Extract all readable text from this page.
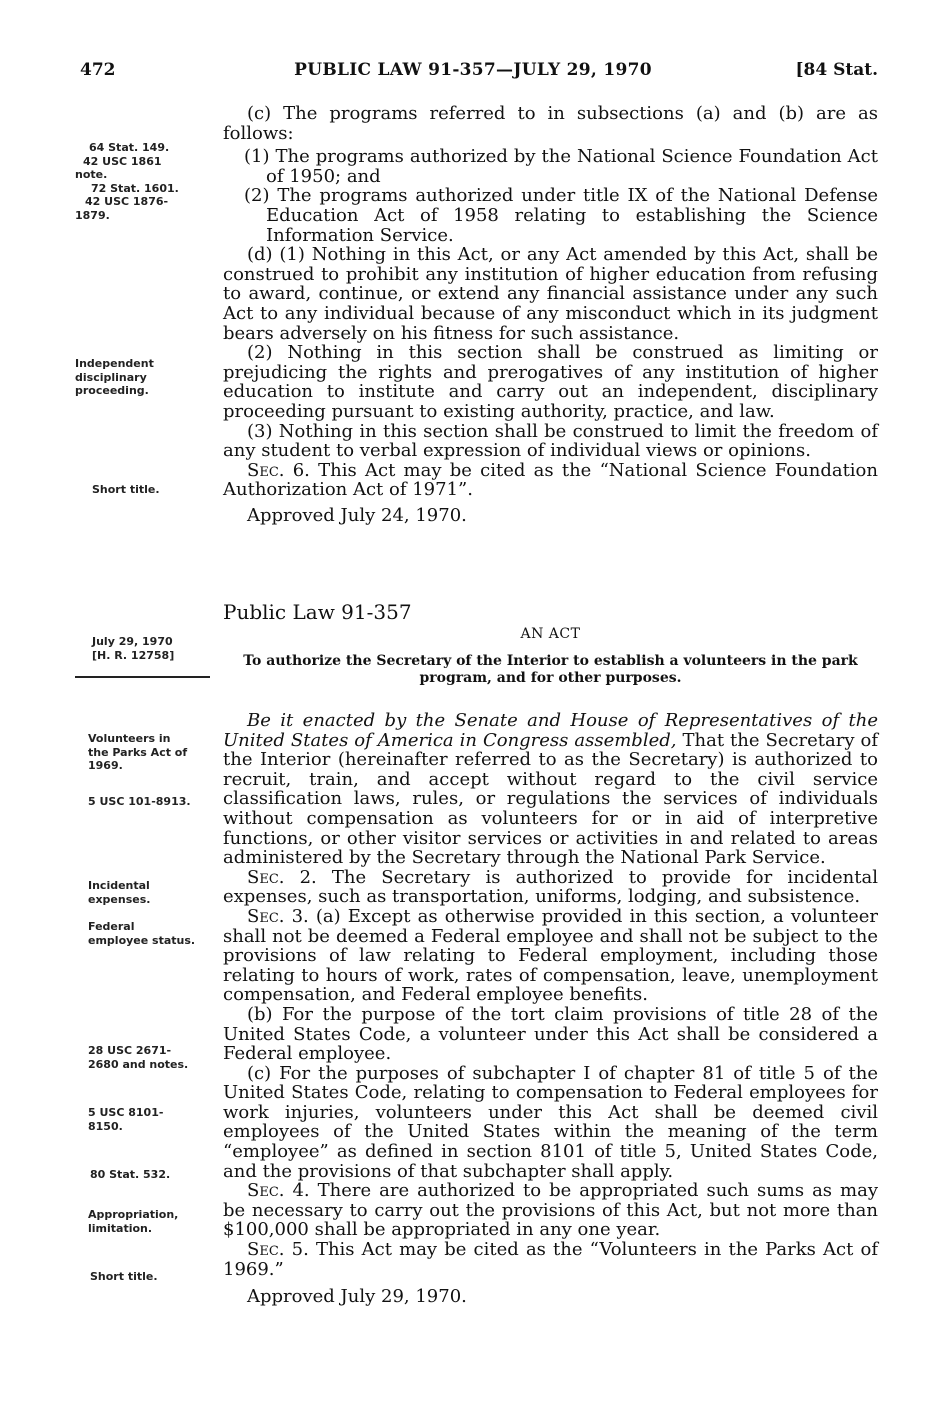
472	PUBLIC LAW 91-357—JULY 29, 1970	[84 Stat.
64 Stat. 149.
42 USC 1861
note.
72 Stat. 1601.
42 USC 1876-
1879.
Independent
disciplinary
proceeding.
Short title.
July 29, 1970
[H. R. 12758]
Volunteers in
the Parks Act of
1969.
5 USC 101-8913.
Incidental
expenses.
Federal
employee status.
28 USC 2671-
2680 and notes.
5 USC 8101-
8150.
80 Stat. 532.
Appropriation,
limitation.
Short title.

(c) The programs referred to in subsections (a) and (b) are as follows:

(1) The programs authorized by the National Science Foundation Act of 1950; and

(2) The programs authorized under title IX of the National Defense Education Act of 1958 relating to establishing the Science Information Service.

(d) (1) Nothing in this Act, or any Act amended by this Act, shall be construed to prohibit any institution of higher education from refusing to award, continue, or extend any financial assistance under any such Act to any individual because of any misconduct which in its judgment bears adversely on his fitness for such assistance.

(2) Nothing in this section shall be construed as limiting or prejudicing the rights and prerogatives of any institution of higher education to institute and carry out an independent, disciplinary proceeding pursuant to existing authority, practice, and law.

(3) Nothing in this section shall be construed to limit the freedom of any student to verbal expression of individual views or opinions.

Sec. 6. This Act may be cited as the “National Science Foundation Authorization Act of 1971”.

Approved July 24, 1970.

Public Law 91-357
AN ACT
To authorize the Secretary of the Interior to establish a volunteers in the park program, and for other purposes.

Be it enacted by the Senate and House of Representatives of the United States of America in Congress assembled, That the Secretary of the Interior (hereinafter referred to as the Secretary) is authorized to recruit, train, and accept without regard to the civil service classification laws, rules, or regulations the services of individuals without compensation as volunteers for or in aid of interpretive functions, or other visitor services or activities in and related to areas administered by the Secretary through the National Park Service.

Sec. 2. The Secretary is authorized to provide for incidental expenses, such as transportation, uniforms, lodging, and subsistence.

Sec. 3. (a) Except as otherwise provided in this section, a volunteer shall not be deemed a Federal employee and shall not be subject to the provisions of law relating to Federal employment, including those relating to hours of work, rates of compensation, leave, unemployment compensation, and Federal employee benefits.

(b) For the purpose of the tort claim provisions of title 28 of the United States Code, a volunteer under this Act shall be considered a Federal employee.

(c) For the purposes of subchapter I of chapter 81 of title 5 of the United States Code, relating to compensation to Federal employees for work injuries, volunteers under this Act shall be deemed civil employees of the United States within the meaning of the term “employee” as defined in section 8101 of title 5, United States Code, and the provisions of that subchapter shall apply.

Sec. 4. There are authorized to be appropriated such sums as may be necessary to carry out the provisions of this Act, but not more than $100,000 shall be appropriated in any one year.

Sec. 5. This Act may be cited as the “Volunteers in the Parks Act of 1969.”

Approved July 29, 1970.
